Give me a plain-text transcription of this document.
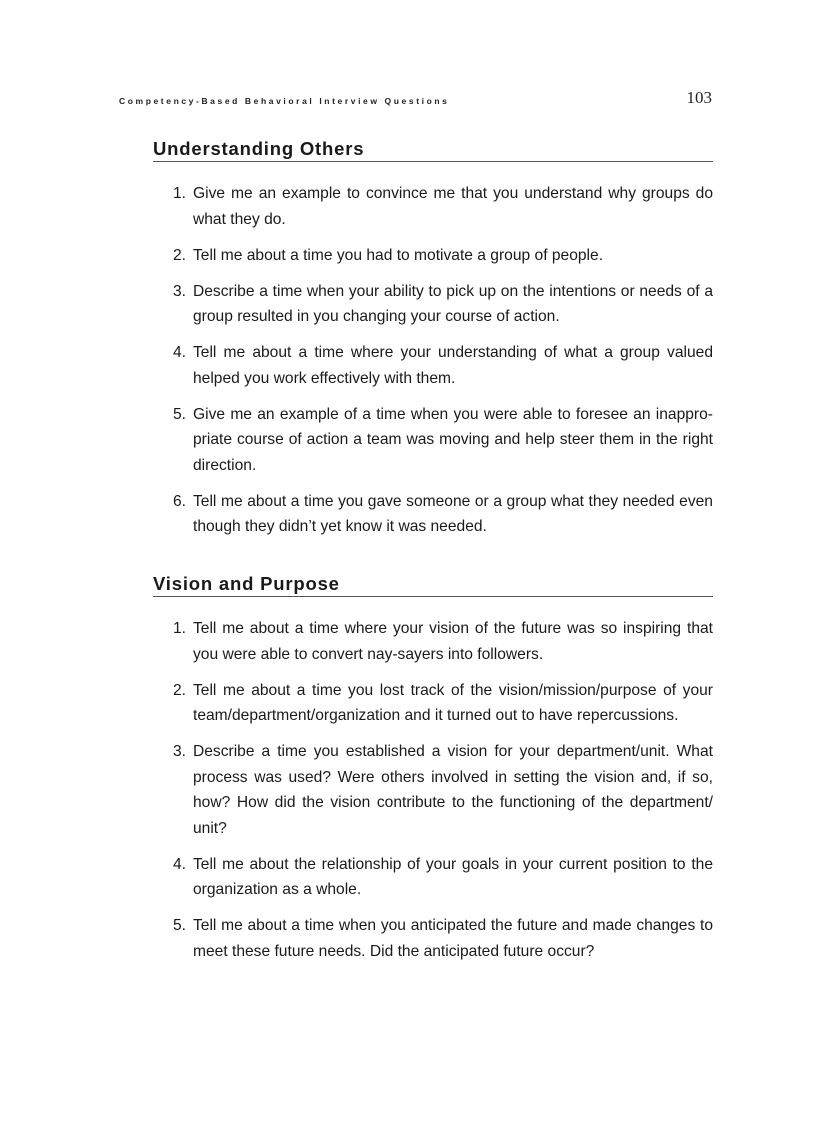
Competency-Based Behavioral Interview Questions	103
Understanding Others
1. Give me an example to convince me that you understand why groups do what they do.
2. Tell me about a time you had to motivate a group of people.
3. Describe a time when your ability to pick up on the intentions or needs of a group resulted in you changing your course of action.
4. Tell me about a time where your understanding of what a group valued helped you work effectively with them.
5. Give me an example of a time when you were able to foresee an inappro-priate course of action a team was moving and help steer them in the right direction.
6. Tell me about a time you gave someone or a group what they needed even though they didn’t yet know it was needed.
Vision and Purpose
1. Tell me about a time where your vision of the future was so inspiring that you were able to convert nay-sayers into followers.
2. Tell me about a time you lost track of the vision/mission/purpose of your team/department/organization and it turned out to have repercussions.
3. Describe a time you established a vision for your department/unit. What process was used? Were others involved in setting the vision and, if so, how? How did the vision contribute to the functioning of the department/ unit?
4. Tell me about the relationship of your goals in your current position to the organization as a whole.
5. Tell me about a time when you anticipated the future and made changes to meet these future needs. Did the anticipated future occur?
